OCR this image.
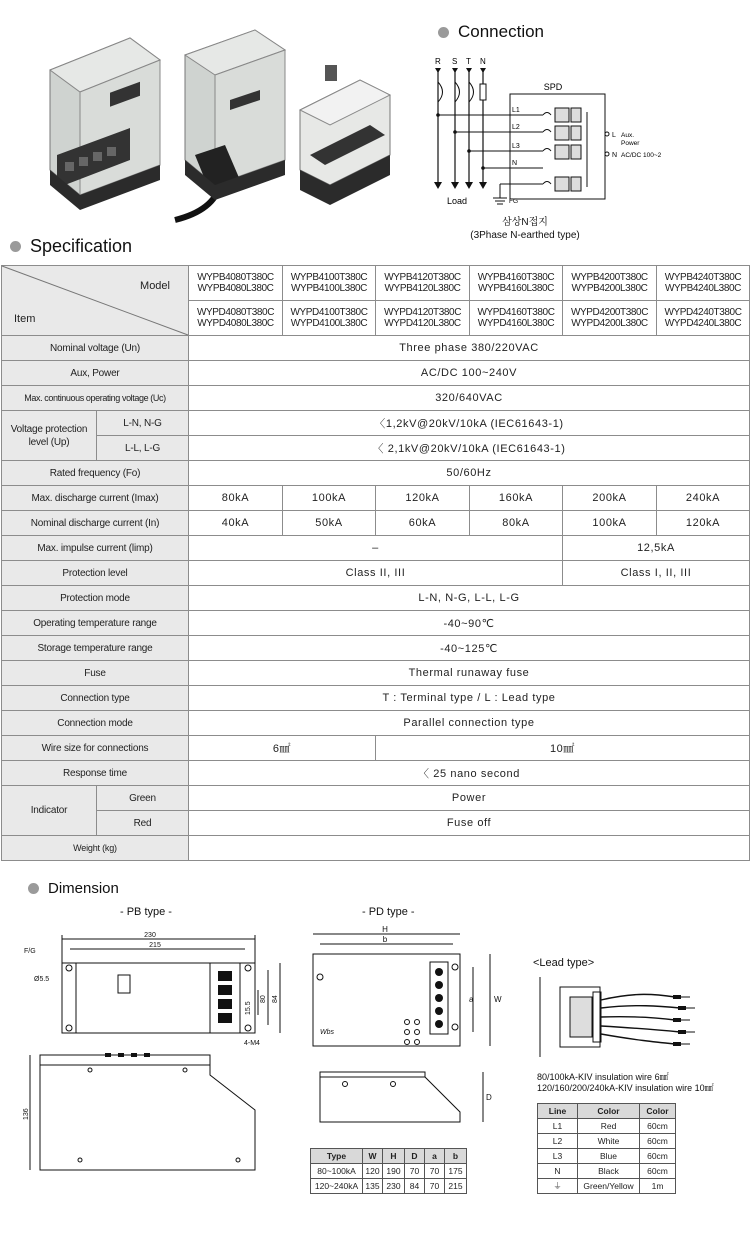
Connection
R S T N
SPD
L1
L2
L3
N
L
N
Aux.
Power
AC/DC 100~2
Load	FG
삼상N접지
(3Phase N-earthed type)
Specification
Model
Item		WYPB4080T380C
WYPB4080L380C	WYPB4100T380C
WYPB4100L380C	WYPB4120T380C
WYPB4120L380C	WYPB4160T380C
WYPB4160L380C	WYPB4200T380C
WYPB4200L380C	WYPB4240T380C
WYPB4240L380C
		WYPD4080T380C
WYPD4080L380C	WYPD4100T380C
WYPD4100L380C	WYPD4120T380C
WYPD4120L380C	WYPD4160T380C
WYPD4160L380C	WYPD4200T380C
WYPD4200L380C	WYPD4240T380C
WYPD4240L380C
Nominal voltage (Un)		Three phase 380/220VAC					
Aux, Power		AC/DC 100~240V					
Max. continuous operating voltage (Uc)		320/640VAC					
Voltage protection level (Up)	L-N, N-G	〈1,2kV@20kV/10kA (IEC61643-1)					
	L-L, L-G	〈 2,1kV@20kV/10kA (IEC61643-1)					
Rated frequency (Fo)		50/60Hz					
Max. discharge current (Imax)		80kA	100kA	120kA	160kA	200kA	240kA
Nominal discharge current (In)		40kA	50kA	60kA	80kA	100kA	120kA
Max. impulse current (limp)		–				12,5kA	
Protection level		Class II, III				Class I, II, III	
Protection mode		L-N, N-G, L-L, L-G					
Operating temperature range		-40~90℃					
Storage temperature range		-40~125℃					
Fuse		Thermal runaway fuse					
Connection type		T : Terminal type / L : Lead type					
Connection mode		Parallel connection type					
Wire size for connections		6㎟		10㎟			
Response time		〈 25 nano second					
Indicator	Green	Power					
	Red	Fuse off					
Weight (kg)							
Dimension
- PB type -	- PD type -
<Lead type>
230
215
F/G
Ø5.5
15.5
80 84
4-M4
136
H
b
a	W
D
Wbs
Type	W	H	D	a	b
80~100kA	120	190	70	70	175
120~240kA	135	230	84	70	215
80/100kA-KIV insulation wire 6㎟
120/160/200/240kA-KIV insulation wire 10㎟
Line	Color	Color
L1	Red	60cm
L2	White	60cm
L3	Blue	60cm
N	Black	60cm
⏚	Green/Yellow	1m
